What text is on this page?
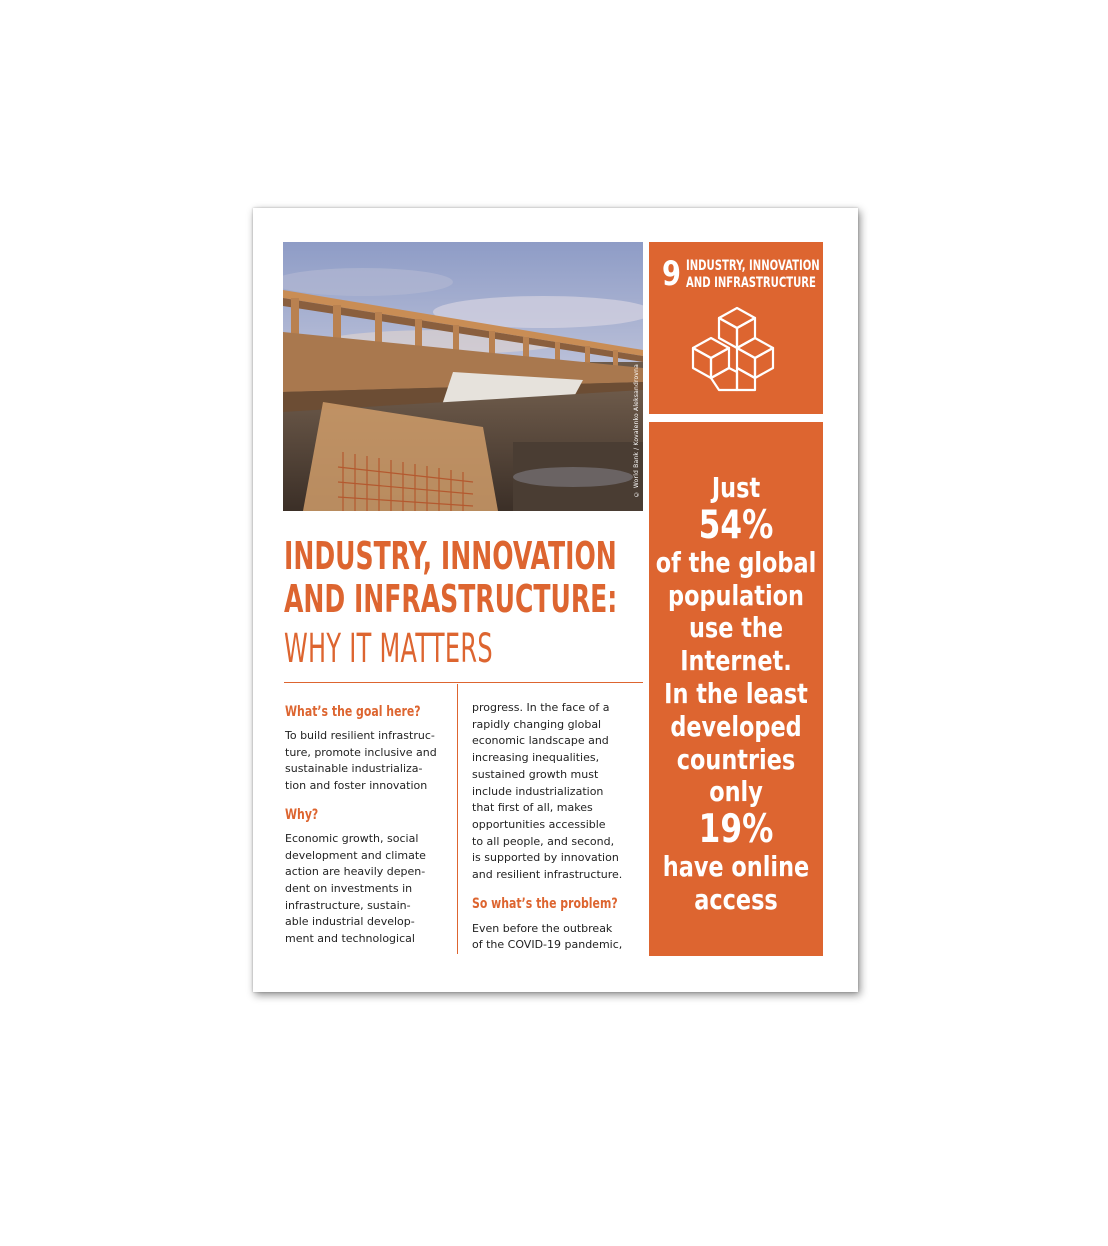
© World Bank / Kovalenko Aleksandrovna
9 INDUSTRY, INNOVATION
AND INFRASTRUCTURE
Just
54%
of the global
population
use the
Internet.
In the least
developed
countries
only
19%
have online
access
INDUSTRY, INNOVATION
AND INFRASTRUCTURE:
WHY IT MATTERS
What’s the goal here?
To build resilient infrastruc-
ture, promote inclusive and
sustainable industrializa-
tion and foster innovation
Why?
Economic growth, social
development and climate
action are heavily depen-
dent on investments in
infrastructure, sustain-
able industrial develop-
ment and technological
progress. In the face of a
rapidly changing global
economic landscape and
increasing inequalities,
sustained growth must
include industrialization
that first of all, makes
opportunities accessible
to all people, and second,
is supported by innovation
and resilient infrastructure.
So what’s the problem?
Even before the outbreak
of the COVID-19 pandemic,
